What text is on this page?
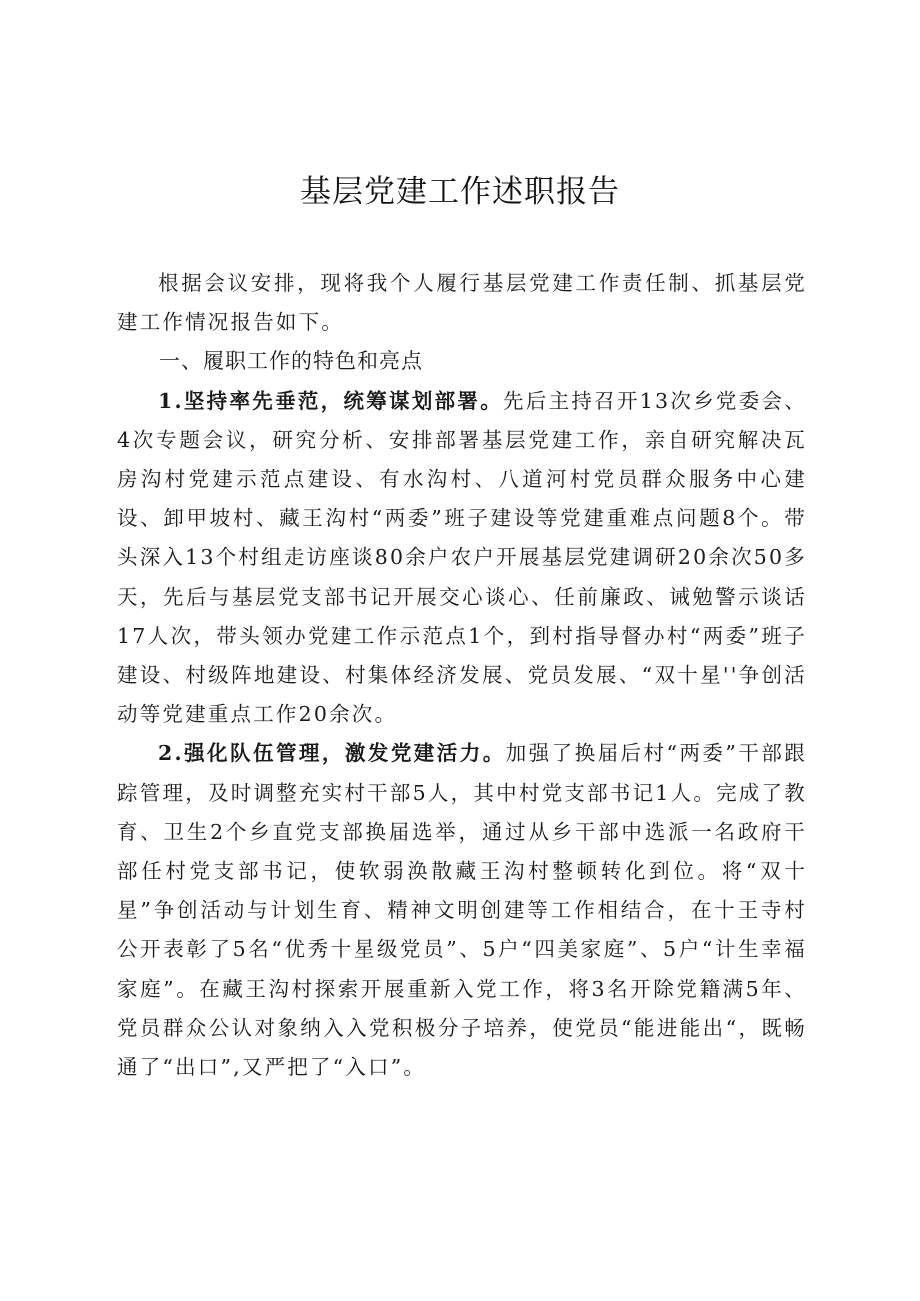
基层党建工作述职报告

根据会议安排，现将我个人履行基层党建工作责任制、抓基层党建工作情况报告如下。

一、履职工作的特色和亮点

1.坚持率先垂范，统筹谋划部署。先后主持召开13次乡党委会、4次专题会议，研究分析、安排部署基层党建工作，亲自研究解决瓦房沟村党建示范点建设、有水沟村、八道河村党员群众服务中心建设、卸甲坡村、藏王沟村“两委”班子建设等党建重难点问题8个。带头深入13个村组走访座谈80余户农户开展基层党建调研20余次50多天，先后与基层党支部书记开展交心谈心、任前廉政、诫勉警示谈话17人次，带头领办党建工作示范点1个，到村指导督办村“两委”班子建设、村级阵地建设、村集体经济发展、党员发展、“双十星''争创活动等党建重点工作20余次。

2.强化队伍管理，激发党建活力。加强了换届后村“两委”干部跟踪管理，及时调整充实村干部5人，其中村党支部书记1人。完成了教育、卫生2个乡直党支部换届选举，通过从乡干部中选派一名政府干部任村党支部书记，使软弱涣散藏王沟村整顿转化到位。将“双十星”争创活动与计划生育、精神文明创建等工作相结合，在十王寺村公开表彰了5名“优秀十星级党员”、5户“四美家庭”、5户“计生幸福家庭”。在藏王沟村探索开展重新入党工作，将3名开除党籍满5年、党员群众公认对象纳入入党积极分子培养，使党员“能进能出“，既畅通了“出口”,又严把了“入口”。
